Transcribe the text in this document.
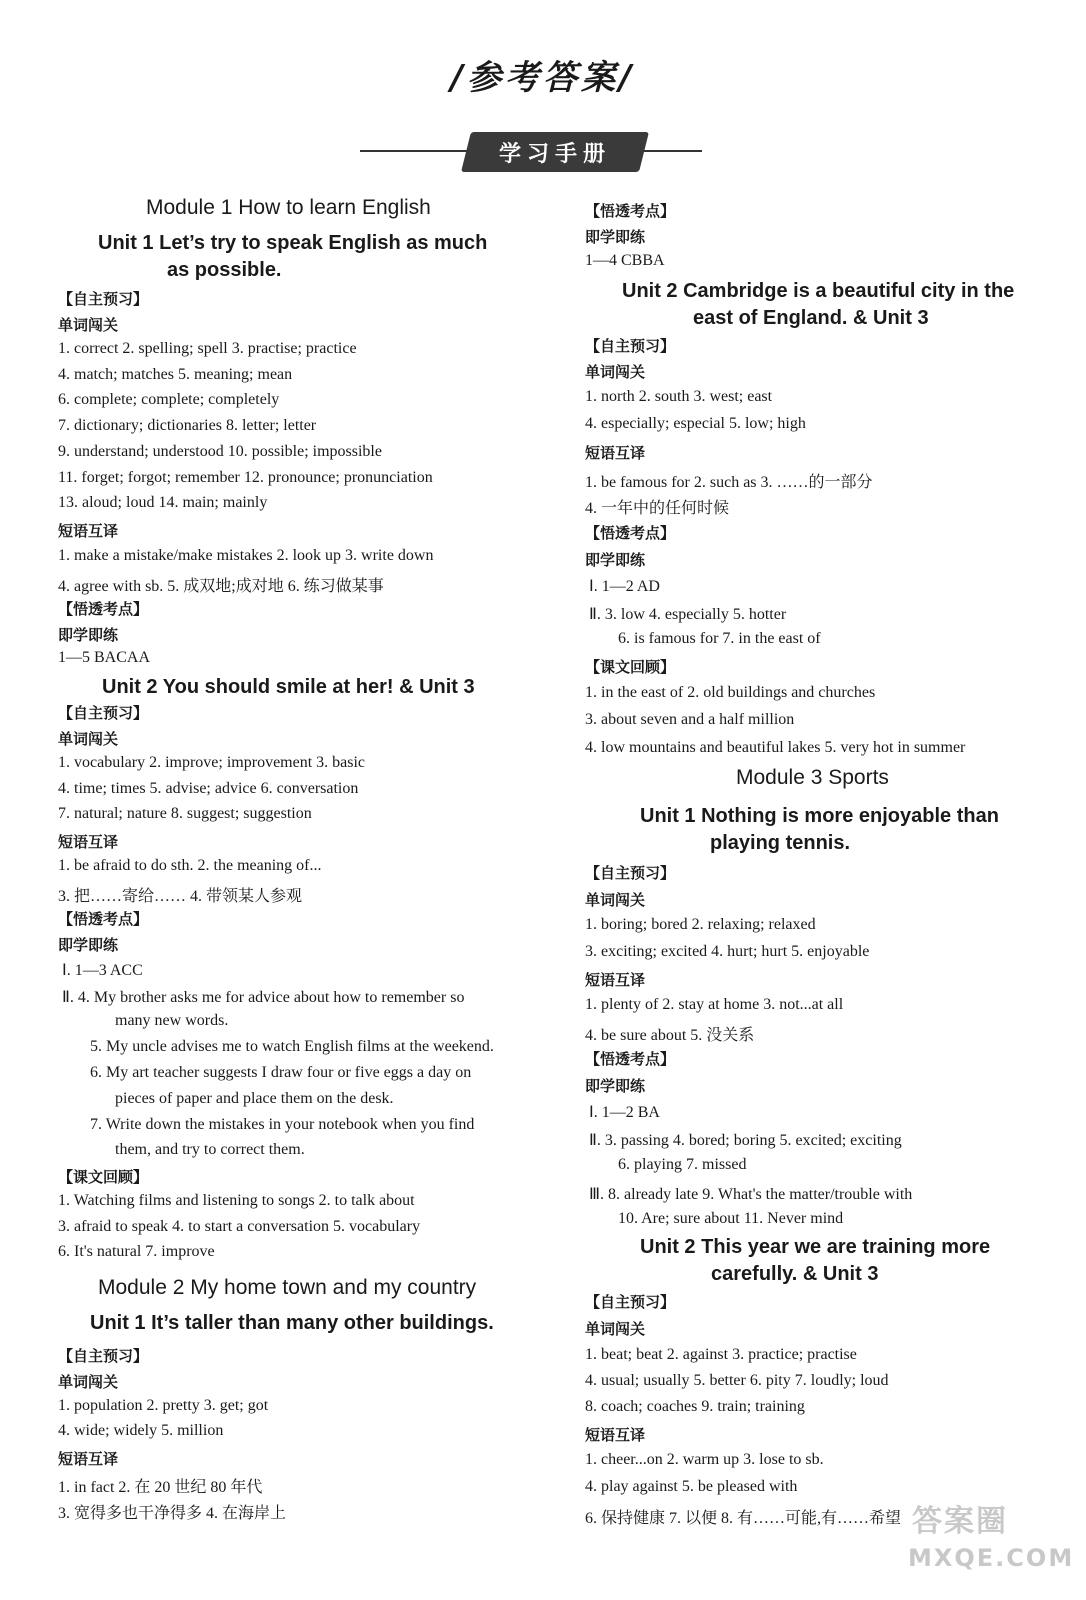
/参考答案/
学习手册
Module 1 How to learn English
Unit 1 Let’s try to speak English as much
as possible.
【自主预习】
单词闯关
1. correct 2. spelling; spell 3. practise; practice
4. match; matches 5. meaning; mean
6. complete; complete; completely
7. dictionary; dictionaries 8. letter; letter
9. understand; understood 10. possible; impossible
11. forget; forgot; remember 12. pronounce; pronunciation
13. aloud; loud 14. main; mainly
短语互译
1. make a mistake/make mistakes 2. look up 3. write down
4. agree with sb. 5. 成双地;成对地 6. 练习做某事
【悟透考点】
即学即练
1—5 BACAA
Unit 2 You should smile at her! & Unit 3
【自主预习】
单词闯关
1. vocabulary 2. improve; improvement 3. basic
4. time; times 5. advise; advice 6. conversation
7. natural; nature 8. suggest; suggestion
短语互译
1. be afraid to do sth. 2. the meaning of...
3. 把……寄给…… 4. 带领某人参观
【悟透考点】
即学即练
Ⅰ. 1—3 ACC
Ⅱ. 4. My brother asks me for advice about how to remember so
many new words.
5. My uncle advises me to watch English films at the weekend.
6. My art teacher suggests I draw four or five eggs a day on
pieces of paper and place them on the desk.
7. Write down the mistakes in your notebook when you find
them, and try to correct them.
【课文回顾】
1. Watching films and listening to songs 2. to talk about
3. afraid to speak 4. to start a conversation 5. vocabulary
6. It's natural 7. improve
Module 2 My home town and my country
Unit 1 It’s taller than many other buildings.
【自主预习】
单词闯关
1. population 2. pretty 3. get; got
4. wide; widely 5. million
短语互译
1. in fact 2. 在 20 世纪 80 年代
3. 宽得多也干净得多 4. 在海岸上
【悟透考点】
即学即练
1—4 CBBA
Unit 2 Cambridge is a beautiful city in the
east of England. & Unit 3
【自主预习】
单词闯关
1. north 2. south 3. west; east
4. especially; especial 5. low; high
短语互译
1. be famous for 2. such as 3. ……的一部分
4. 一年中的任何时候
【悟透考点】
即学即练
Ⅰ. 1—2 AD
Ⅱ. 3. low 4. especially 5. hotter
6. is famous for 7. in the east of
【课文回顾】
1. in the east of 2. old buildings and churches
3. about seven and a half million
4. low mountains and beautiful lakes 5. very hot in summer
Module 3 Sports
Unit 1 Nothing is more enjoyable than
playing tennis.
【自主预习】
单词闯关
1. boring; bored 2. relaxing; relaxed
3. exciting; excited 4. hurt; hurt 5. enjoyable
短语互译
1. plenty of 2. stay at home 3. not...at all
4. be sure about 5. 没关系
【悟透考点】
即学即练
Ⅰ. 1—2 BA
Ⅱ. 3. passing 4. bored; boring 5. excited; exciting
6. playing 7. missed
Ⅲ. 8. already late 9. What's the matter/trouble with
10. Are; sure about 11. Never mind
Unit 2 This year we are training more
carefully. & Unit 3
【自主预习】
单词闯关
1. beat; beat 2. against 3. practice; practise
4. usual; usually 5. better 6. pity 7. loudly; loud
8. coach; coaches 9. train; training
短语互译
1. cheer...on 2. warm up 3. lose to sb.
4. play against 5. be pleased with
6. 保持健康 7. 以便 8. 有……可能,有……希望 答案圈
MXQE.COM
